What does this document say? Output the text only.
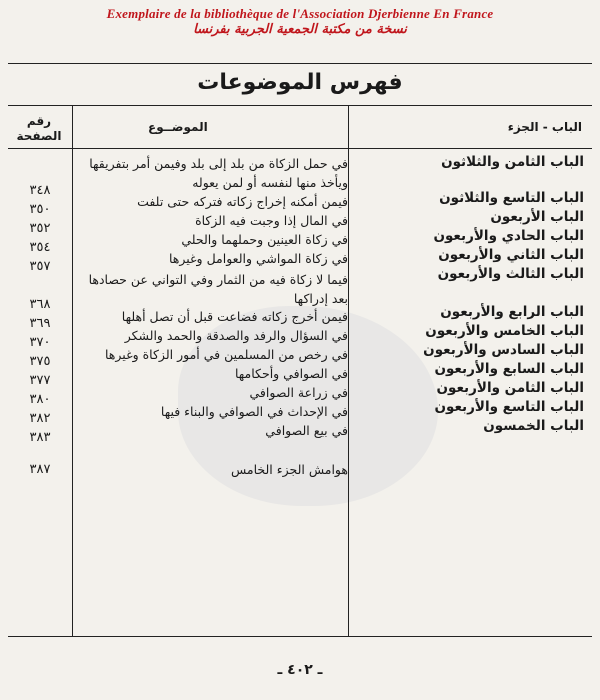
Exemplaire de la bibliothèque de l'Association Djerbienne En France
نسخة من مكتبة الجمعية الجربية بفرنسا
فهرس الموضوعات
رقم
الصفحة
الموضــوع	الباب - الجزء
الباب الثامن والثلاثون
الباب التاسع والثلاثون
الباب الأربعون
الباب الحادي والأربعون
الباب الثاني والأربعون
الباب الثالث والأربعون
الباب الرابع والأربعون
الباب الخامس والأربعون
الباب السادس والأربعون
الباب السابع والأربعون
الباب الثامن والأربعون
الباب التاسع والأربعون
الباب الخمسون
في حمل الزكاة من بلد إلى بلد وفيمن أمر بتفريقها ويأخذ منها لنفسه أو لمن يعوله
فيمن أمكنه إخراج زكاته فتركه حتى تلفت
في المال إذا وجبت فيه الزكاة
في زكاة العينين وحملهما والحلي
في زكاة المواشي والعوامل وغيرها
فيما لا زكاة فيه من الثمار وفي التواني عن حصادها بعد إدراكها
فيمن أخرج زكاته فضاعت قبل أن تصل أهلها
في السؤال والرفد والصدقة والحمد والشكر
في رخص من المسلمين في أمور الزكاة وغيرها
في الصوافي وأحكامها
في زراعة الصوافي
في الإحداث في الصوافي والبناء فيها
في بيع الصوافي
هوامش الجزء الخامس
٣٤٨
٣٥٠
٣٥٢
٣٥٤
٣٥٧
٣٦٨
٣٦٩
٣٧٠
٣٧٥
٣٧٧
٣٨٠
٣٨٢
٣٨٣
٣٨٧
ـ ٤٠٢ ـ
